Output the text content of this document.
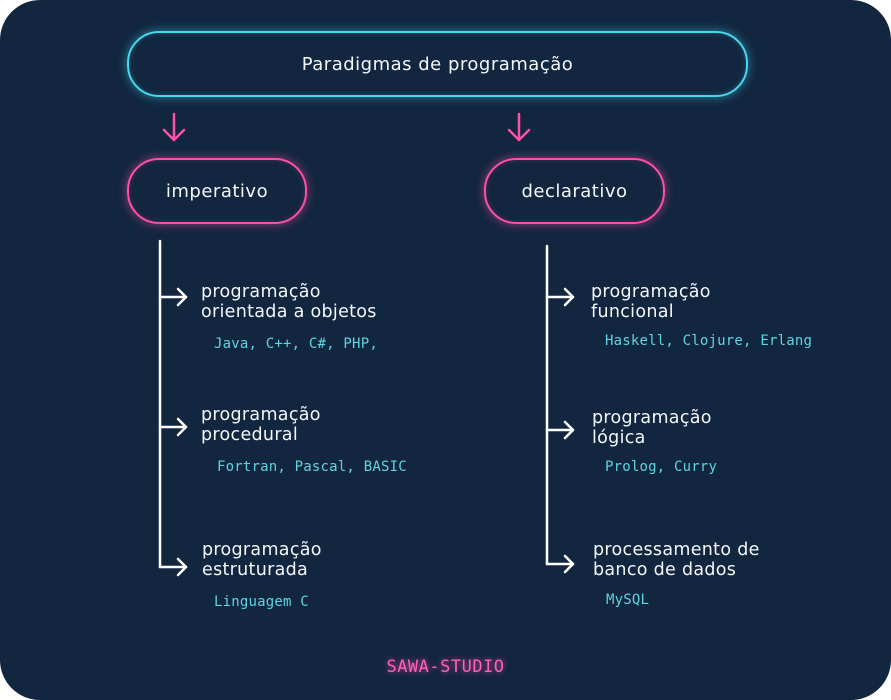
Paradigmas de programação
imperativo	declarativo
programação
orientada a objetos
Java, C++, C#, PHP,
programação
procedural
Fortran, Pascal, BASIC
programação
estruturada
Linguagem C
programação
funcional
Haskell, Clojure, Erlang
programação
lógica
Prolog, Curry
processamento de
banco de dados
MySQL
SAWA-STUDIO
